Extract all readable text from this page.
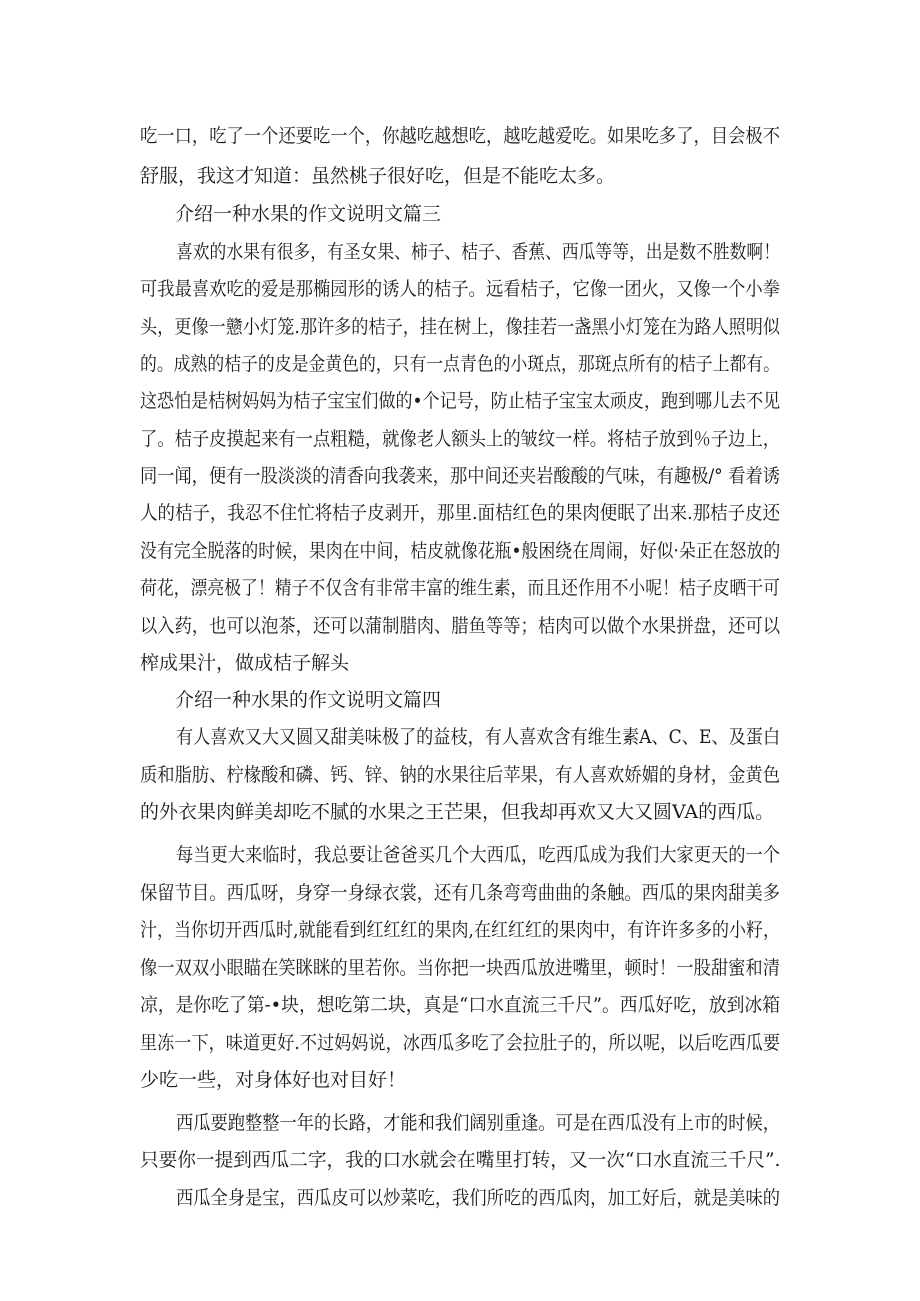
吃一口，吃了一个还要吃一个，你越吃越想吃，越吃越爱吃。如果吃多了，目会极不
舒服，我这才知道：虽然桃子很好吃，但是不能吃太多。
介绍一种水果的作文说明文篇三
喜欢的水果有很多，有圣女果、柿子、桔子、香蕉、西瓜等等，出是数不胜数啊！
可我最喜欢吃的爱是那椭园形的诱人的桔子。远看桔子，它像一团火，又像一个小拳
头，更像一戆小灯笼.那许多的桔子，挂在树上，像挂若一盏黑小灯笼在为路人照明似
的。成熟的桔子的皮是金黄色的，只有一点青色的小斑点，那斑点所有的桔子上都有。
这恐怕是桔树妈妈为桔子宝宝们做的•个记号，防止桔子宝宝太顽皮，跑到哪儿去不见
了。桔子皮摸起来有一点粗糙，就像老人额头上的皱纹一样。将桔子放到％子边上，
同一闻，便有一股淡淡的清香向我袭来，那中间还夹岩酸酸的气味，有趣极/° 看着诱
人的桔子，我忍不住忙将桔子皮剥开，那里.面桔红色的果肉便眠了出来.那桔子皮还
没有完全脱落的时候，果肉在中间，桔皮就像花瓶•般困绕在周闹，好似·朵正在怒放的
荷花，漂亮极了！精子不仅含有非常丰富的维生素，而且还作用不小呢！桔子皮晒干可
以入药，也可以泡茶，还可以蒲制腊肉、腊鱼等等；桔肉可以做个水果拼盘，还可以
榨成果汁，做成桔子解头
介绍一种水果的作文说明文篇四
有人喜欢又大又圆又甜美味极了的益枝，有人喜欢含有维生素A、C、E、及蛋白
质和脂肪、柠椽酸和磷、钙、锌、钠的水果往后苹果，有人喜欢娇媚的身材，金黄色
的外衣果肉鲜美却吃不腻的水果之王芒果，但我却再欢又大又圆VA的西瓜。
每当更大来临时，我总要让爸爸买几个大西瓜，吃西瓜成为我们大家更天的一个
保留节目。西瓜呀，身穿一身绿衣裳，还有几条弯弯曲曲的条触。西瓜的果肉甜美多
汁，当你切开西瓜时,就能看到红红红的果肉,在红红红的果肉中，有许许多多的小籽，
像一双双小眼瞄在笑眯眯的里若你。当你把一块西瓜放进嘴里，顿时！一股甜蜜和清
凉，是你吃了第-•块，想吃第二块，真是“口水直流三千尺”。西瓜好吃，放到冰箱
里冻一下，味道更好.不过妈妈说，冰西瓜多吃了会拉肚子的，所以呢，以后吃西瓜要
少吃一些，对身体好也对目好！
西瓜要跑整整一年的长路，才能和我们阔别重逢。可是在西瓜没有上市的时候，
只要你一提到西瓜二字，我的口水就会在嘴里打转，又一次“口水直流三千尺”.
西瓜全身是宝，西瓜皮可以炒菜吃，我们所吃的西瓜肉，加工好后，就是美味的
